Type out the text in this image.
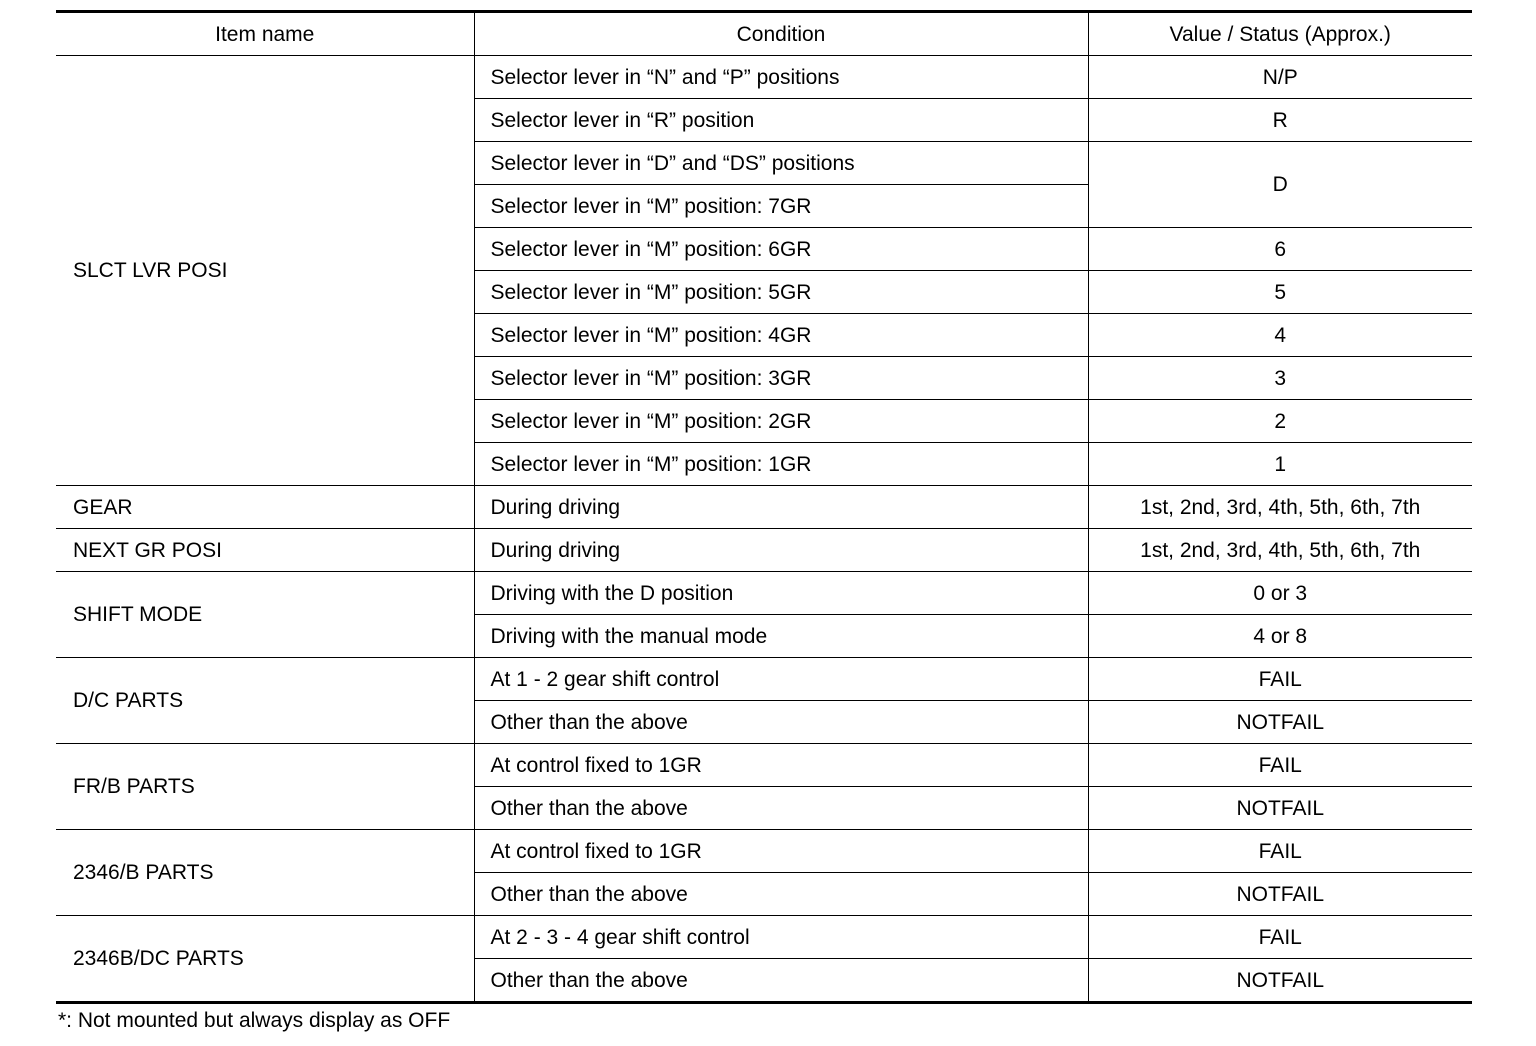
Item name	Condition	Value / Status (Approx.)
SLCT LVR POSI	Selector lever in “N” and “P” positions	N/P
	Selector lever in “R” position	R
	Selector lever in “D” and “DS” positions	D
	Selector lever in “M” position: 7GR	
	Selector lever in “M” position: 6GR	6
	Selector lever in “M” position: 5GR	5
	Selector lever in “M” position: 4GR	4
	Selector lever in “M” position: 3GR	3
	Selector lever in “M” position: 2GR	2
	Selector lever in “M” position: 1GR	1
GEAR	During driving	1st, 2nd, 3rd, 4th, 5th, 6th, 7th
NEXT GR POSI	During driving	1st, 2nd, 3rd, 4th, 5th, 6th, 7th
SHIFT MODE	Driving with the D position	0 or 3
	Driving with the manual mode	4 or 8
D/C PARTS	At 1 - 2 gear shift control	FAIL
	Other than the above	NOTFAIL
FR/B PARTS	At control fixed to 1GR	FAIL
	Other than the above	NOTFAIL
2346/B PARTS	At control fixed to 1GR	FAIL
	Other than the above	NOTFAIL
2346B/DC PARTS	At 2 - 3 - 4 gear shift control	FAIL
	Other than the above	NOTFAIL
*: Not mounted but always display as OFF
